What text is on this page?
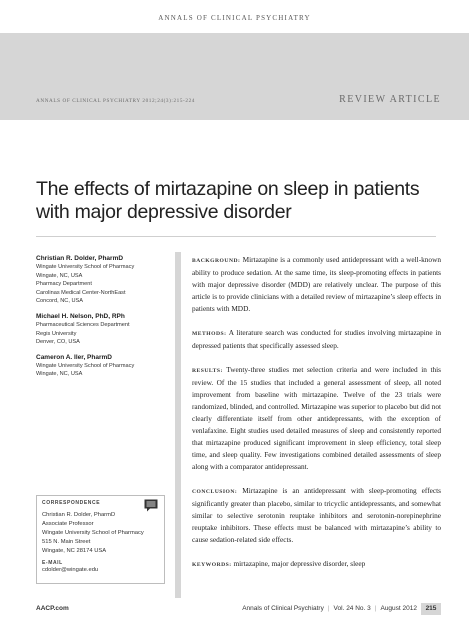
ANNALS OF CLINICAL PSYCHIATRY
ANNALS OF CLINICAL PSYCHIATRY 2012;24(3):215-224	REVIEW ARTICLE
The effects of mirtazapine on sleep in patients with major depressive disorder
Christian R. Dolder, PharmD
Wingate University School of Pharmacy
Wingate, NC, USA
Pharmacy Department
Carolinas Medical Center-NorthEast
Concord, NC, USA
Michael H. Nelson, PhD, RPh
Pharmaceutical Sciences Department
Regis University
Denver, CO, USA
Cameron A. Iler, PharmD
Wingate University School of Pharmacy
Wingate, NC, USA
CORRESPONDENCE
Christian R. Dolder, PharmD
Associate Professor
Wingate University School of Pharmacy
515 N. Main Street
Wingate, NC 28174 USA
E-MAIL
cdolder@wingate.edu

BACKGROUND: Mirtazapine is a commonly used antidepressant with a well-known ability to produce sedation. At the same time, its sleep-promoting effects in patients with major depressive disorder (MDD) are relatively unclear. The purpose of this article is to provide clinicians with a detailed review of mirtazapine’s sleep effects in patients with MDD.

METHODS: A literature search was conducted for studies involving mirtazapine in depressed patients that specifically assessed sleep.

RESULTS: Twenty-three studies met selection criteria and were included in this review. Of the 15 studies that included a general assessment of sleep, all noted improvement from baseline with mirtazapine. Twelve of the 23 trials were randomized, blinded, and controlled. Mirtazapine was superior to placebo but did not clearly differentiate itself from other antidepressants, with the exception of venlafaxine. Eight studies used detailed measures of sleep and consistently reported that mirtazapine produced significant improvement in sleep efficiency, total sleep time, and sleep quality. Few investigations combined detailed assessments of sleep along with a comparator antidepressant.

CONCLUSION: Mirtazapine is an antidepressant with sleep-promoting effects significantly greater than placebo, similar to tricyclic antidepressants, and somewhat similar to selective serotonin reuptake inhibitors and serotonin-norepinephrine reuptake inhibitors. These effects must be balanced with mirtazapine’s ability to cause sedation-related side effects.

KEYWORDS: mirtazapine, major depressive disorder, sleep

AACP.com	Annals of Clinical Psychiatry | Vol. 24 No. 3 | August 2012	215
